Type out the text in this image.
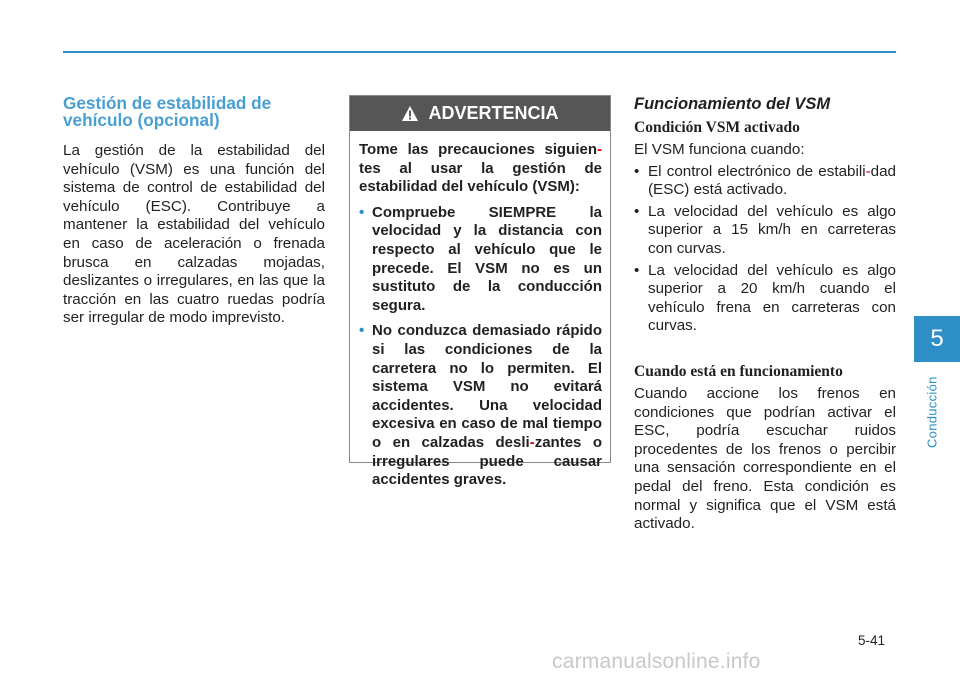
Gestión de estabilidad de
vehículo (opcional)

La gestión de la estabilidad del vehículo (VSM) es una función del sistema de control de estabilidad del vehículo (ESC). Contribuye a mantener la estabilidad del vehículo en caso de aceleración o frenada brusca en calzadas mojadas, deslizantes o irregulares, en las que la tracción en las cuatro ruedas podría ser irregular de modo imprevisto.

ADVERTENCIA

Tome las precauciones siguien-tes al usar la gestión de estabilidad del vehículo (VSM):

• Compruebe SIEMPRE la velocidad y la distancia con respecto al vehículo que le precede. El VSM no es un sustituto de la conducción segura.
• No conduzca demasiado rápido si las condiciones de la carretera no lo permiten. El sistema VSM no evitará accidentes. Una velocidad excesiva en caso de mal tiempo o en calzadas desli-zantes o irregulares puede causar accidentes graves.
Funcionamiento del VSM
Condición VSM activado

El VSM funciona cuando:

• El control electrónico de estabili-dad (ESC) está activado.
• La velocidad del vehículo es algo superior a 15 km/h en carreteras con curvas.
• La velocidad del vehículo es algo superior a 20 km/h cuando el vehículo frena en carreteras con curvas.
Cuando está en funcionamiento

Cuando accione los frenos en condiciones que podrían activar el ESC, podría escuchar ruidos procedentes de los frenos o percibir una sensación correspondiente en el pedal del freno. Esta condición es normal y significa que el VSM está activado.

5
Conducción
5-41
carmanualsonline.info
